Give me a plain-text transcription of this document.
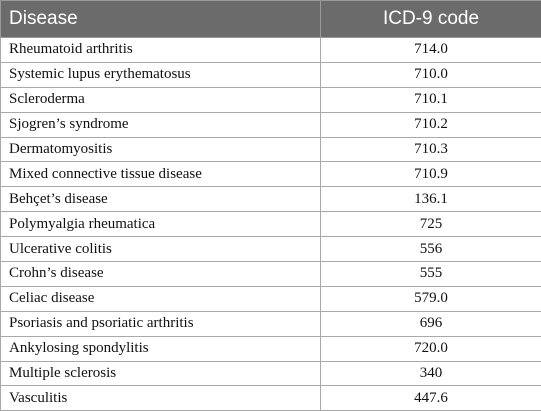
Disease	ICD-9 code
Rheumatoid arthritis	714.0
Systemic lupus erythematosus	710.0
Scleroderma	710.1
Sjogren’s syndrome	710.2
Dermatomyositis	710.3
Mixed connective tissue disease	710.9
Behçet’s disease	136.1
Polymyalgia rheumatica	725
Ulcerative colitis	556
Crohn’s disease	555
Celiac disease	579.0
Psoriasis and psoriatic arthritis	696
Ankylosing spondylitis	720.0
Multiple sclerosis	340
Vasculitis	447.6
